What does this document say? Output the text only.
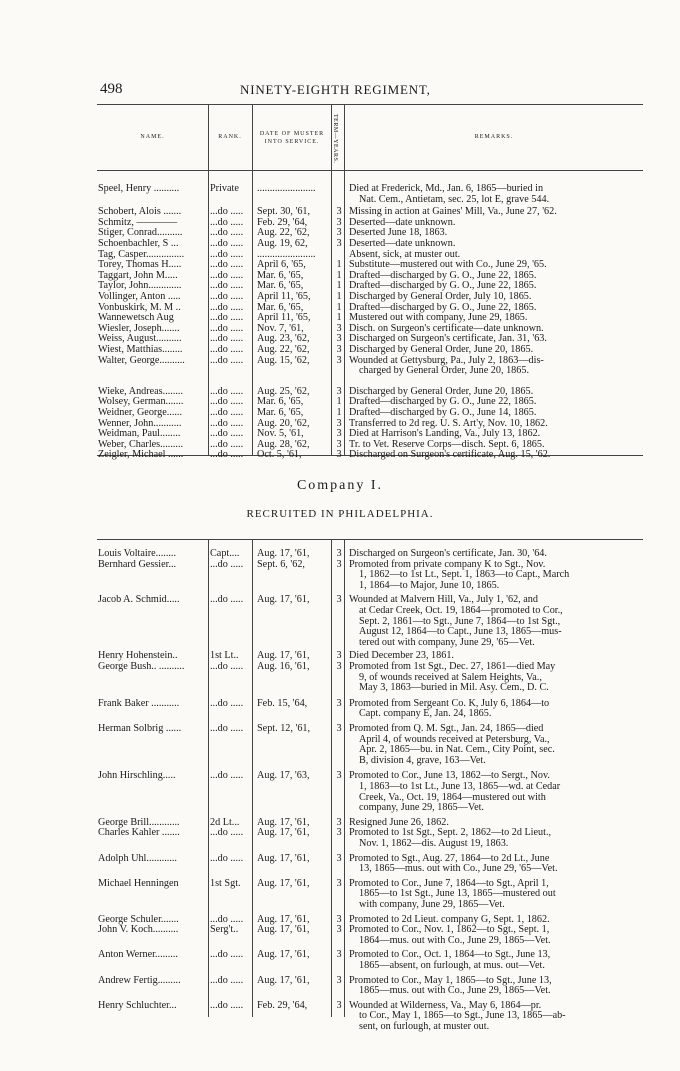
498	NINETY-EIGHTH REGIMENT,
NAME.	RANK.	DATE OF MUSTER INTO SERVICE.	TERM—YEARS.	REMARKS.
Speel, Henry ..........	Private	.......................	Died at Frederick, Md., Jan. 6, 1865—buried in
Nat. Cem., Antietam, sec. 25, lot E, grave 544.
Schobert, Alois .......	...do .....	Sept. 30, '61,	3 Missing in action at Gaines' Mill, Va., June 27, '62.
Schmitz, ————	...do .....	Feb. 29, '64,	3 Deserted—date unknown.
Stiger, Conrad..........	...do .....	Aug. 22, '62,	3 Deserted June 18, 1863.
Schoenbachler, S ...	...do .....	Aug. 19, 62,	3 Deserted—date unknown.
Tag, Casper...............	...do .....	.......................	Absent, sick, at muster out.
Torey, Thomas H.....	...do .....	April 6, '65,	1 Substitute—mustered out with Co., June 29, '65.
Taggart, John M.....	...do .....	Mar. 6, '65,	1 Drafted—discharged by G. O., June 22, 1865.
Taylor, John.............	...do .....	Mar. 6, '65,	1 Drafted—discharged by G. O., June 22, 1865.
Vollinger, Anton .....	...do .....	April 11, '65,	1 Discharged by General Order, July 10, 1865.
Vonbuskirk, M. M ..	...do .....	Mar. 6, '65,	1 Drafted—discharged by G. O., June 22, 1865.
Wannewetsch Aug	...do .....	April 11, '65,	1 Mustered out with company, June 29, 1865.
Wiesler, Joseph.......	...do .....	Nov. 7, '61,	3 Disch. on Surgeon's certificate—date unknown.
Weiss, August..........	...do .....	Aug. 23, '62,	3 Discharged on Surgeon's certificate, Jan. 31, '63.
Wiest, Matthias........	...do .....	Aug. 22, '62,	3 Discharged by General Order, June 20, 1865.
Walter, George..........	...do .....	Aug. 15, '62,	3 Wounded at Gettysburg, Pa., July 2, 1863—dis-
charged by General Order, June 20, 1865.
Wieke, Andreas........	...do .....	Aug. 25, '62,	3 Discharged by General Order, June 20, 1865.
Wolsey, German.......	...do .....	Mar. 6, '65,	1 Drafted—discharged by G. O., June 22, 1865.
Weidner, George......	...do .....	Mar. 6, '65,	1 Drafted—discharged by G. O., June 14, 1865.
Wenner, John...........	...do .....	Aug. 20, '62,	3 Transferred to 2d reg. U. S. Art'y, Nov. 10, 1862.
Weidman, Paul........	...do .....	Nov. 5, '61,	3 Died at Harrison's Landing, Va., July 13, 1862.
Weber, Charles.........	...do .....	Aug. 28, '62,	3 Tr. to Vet. Reserve Corps—disch. Sept. 6, 1865.
Zeigler, Michael ......	...do .....	Oct. 5, '61,	3 Discharged on Surgeon's certificate, Aug. 15, '62.
Company I.
RECRUITED IN PHILADELPHIA.
Louis Voltaire........	Capt....	Aug. 17, '61,	3 Discharged on Surgeon's certificate, Jan. 30, '64.
Bernhard Gessier...	...do .....	Sept. 6, '62,	3 Promoted from private company K to Sgt., Nov.
1, 1862—to 1st Lt., Sept. 1, 1863—to Capt., March
1, 1864—to Major, June 10, 1865.
Jacob A. Schmid.....	...do .....	Aug. 17, '61,	3 Wounded at Malvern Hill, Va., July 1, '62, and
at Cedar Creek, Oct. 19, 1864—promoted to Cor.,
Sept. 2, 1861—to Sgt., June 7, 1864—to 1st Sgt.,
August 12, 1864—to Capt., June 13, 1865—mus-
tered out with company, June 29, '65—Vet.
Henry Hohenstein..	1st Lt..	Aug. 17, '61,	3 Died December 23, 1861.
George Bush.. ..........	...do .....	Aug. 16, '61,	3 Promoted from 1st Sgt., Dec. 27, 1861—died May
9, of wounds received at Salem Heights, Va.,
May 3, 1863—buried in Mil. Asy. Cem., D. C.
Frank Baker ...........	...do .....	Feb. 15, '64,	3 Promoted from Sergeant Co. K, July 6, 1864—to
Capt. company E, Jan. 24, 1865.
Herman Solbrig ......	...do .....	Sept. 12, '61,	3 Promoted from Q. M. Sgt., Jan. 24, 1865—died
April 4, of wounds received at Petersburg, Va.,
Apr. 2, 1865—bu. in Nat. Cem., City Point, sec.
B, division 4, grave, 163—Vet.
John Hirschling.....	...do .....	Aug. 17, '63,	3 Promoted to Cor., June 13, 1862—to Sergt., Nov.
1, 1863—to 1st Lt., June 13, 1865—wd. at Cedar
Creek, Va., Oct. 19, 1864—mustered out with
company, June 29, 1865—Vet.
George Brill............	2d Lt...	Aug. 17, '61,	3 Resigned June 26, 1862.
Charles Kahler .......	...do .....	Aug. 17, '61,	3 Promoted to 1st Sgt., Sept. 2, 1862—to 2d Lieut.,
Nov. 1, 1862—dis. August 19, 1863.
Adolph Uhl............	...do .....	Aug. 17, '61,	3 Promoted to Sgt., Aug. 27, 1864—to 2d Lt., June
13, 1865—mus. out with Co., June 29, '65—Vet.
Michael Henningen	1st Sgt.	Aug. 17, '61,	3 Promoted to Cor., June 7, 1864—to Sgt., April 1,
1865—to 1st Sgt., June 13, 1865—mustered out
with company, June 29, 1865—Vet.
George Schuler.......	...do .....	Aug. 17, '61,	3 Promoted to 2d Lieut. company G, Sept. 1, 1862.
John V. Koch..........	Serg't..	Aug. 17, '61,	3 Promoted to Cor., Nov. 1, 1862—to Sgt., Sept. 1,
1864—mus. out with Co., June 29, 1865—Vet.
Anton Werner.........	...do .....	Aug. 17, '61,	3 Promoted to Cor., Oct. 1, 1864—to Sgt., June 13,
1865—absent, on furlough, at mus. out—Vet.
Andrew Fertig.........	...do .....	Aug. 17, '61,	3 Promoted to Cor., May 1, 1865—to Sgt., June 13,
1865—mus. out with Co., June 29, 1865—Vet.
Henry Schluchter...	...do .....	Feb. 29, '64,	3 Wounded at Wilderness, Va., May 6, 1864—pr.
to Cor., May 1, 1865—to Sgt., June 13, 1865—ab-
sent, on furlough, at muster out.
